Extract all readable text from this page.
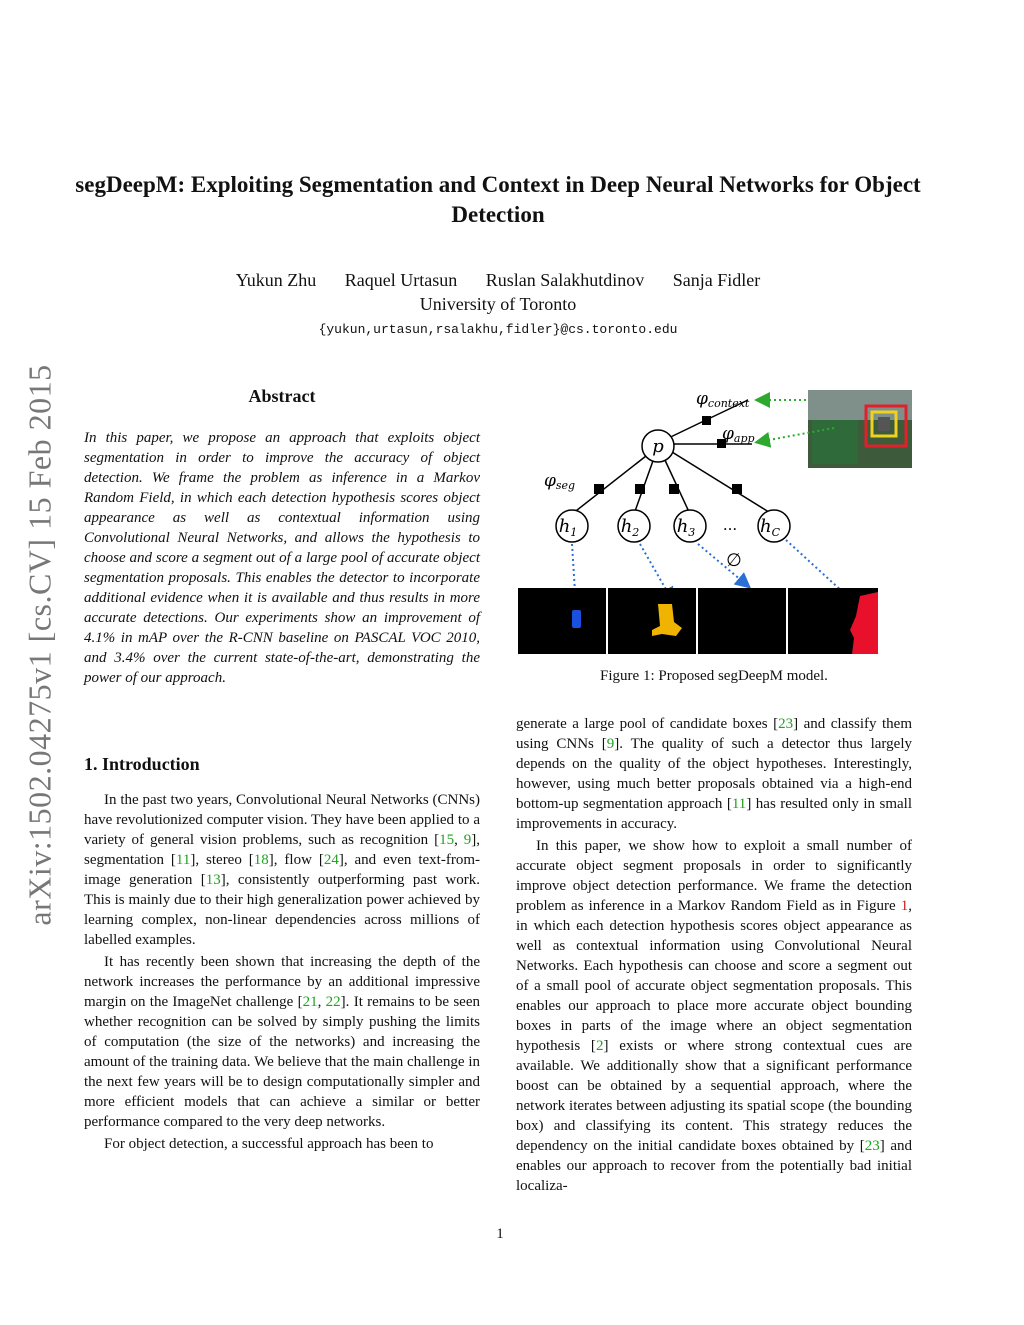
arXiv:1502.04275v1 [cs.CV] 15 Feb 2015
segDeepM: Exploiting Segmentation and Context in Deep Neural Networks for Object Detection
Yukun Zhu Raquel Urtasun Ruslan Salakhutdinov Sanja Fidler
University of Toronto
{yukun,urtasun,rsalakhu,fidler}@cs.toronto.edu
Abstract

In this paper, we propose an approach that exploits object segmentation in order to improve the accuracy of object detection. We frame the problem as inference in a Markov Random Field, in which each detection hypothesis scores object appearance as well as contextual information using Convolutional Neural Networks, and allows the hypothesis to choose and score a segment out of a large pool of accurate object segmentation proposals. This enables the detector to incorporate additional evidence when it is available and thus results in more accurate detections. Our experiments show an improvement of 4.1% in mAP over the R-CNN baseline on PASCAL VOC 2010, and 3.4% over the current state-of-the-art, demonstrating the power of our approach.

1. Introduction

In the past two years, Convolutional Neural Networks (CNNs) have revolutionized computer vision. They have been applied to a variety of general vision problems, such as recognition [15, 9], segmentation [11], stereo [18], flow [24], and even text-from-image generation [13], consistently outperforming past work. This is mainly due to their high generalization power achieved by learning complex, non-linear dependencies across millions of labelled examples.

It has recently been shown that increasing the depth of the network increases the performance by an additional impressive margin on the ImageNet challenge [21, 22]. It remains to be seen whether recognition can be solved by simply pushing the limits of computation (the size of the networks) and increasing the amount of the training data. We believe that the main challenge in the next few years will be to design computationally simpler and more efficient models that can achieve a similar or better performance compared to the very deep networks.

For object detection, a successful approach has been to

φcontext
φapp
φseg
p
$h_1$ $h_2$ $h_3$ ... $h_C$
∅
Figure 1: Proposed segDeepM model.

generate a large pool of candidate boxes [23] and classify them using CNNs [9]. The quality of such a detector thus largely depends on the quality of the object hypotheses. Interestingly, however, using much better proposals obtained via a high-end bottom-up segmentation approach [11] has resulted only in small improvements in accuracy.

In this paper, we show how to exploit a small number of accurate object segment proposals in order to significantly improve object detection performance. We frame the detection problem as inference in a Markov Random Field as in Figure 1, in which each detection hypothesis scores object appearance as well as contextual information using Convolutional Neural Networks. Each hypothesis can choose and score a segment out of a small pool of accurate object segmentation proposals. This enables our approach to place more accurate object bounding boxes in parts of the image where an object segmentation hypothesis [2] exists or where strong contextual cues are available. We additionally show that a significant performance boost can be obtained by a sequential approach, where the network iterates between adjusting its spatial scope (the bounding box) and classifying its content. This strategy reduces the dependency on the initial candidate boxes obtained by [23] and enables our approach to recover from the potentially bad initial localiza-

1
